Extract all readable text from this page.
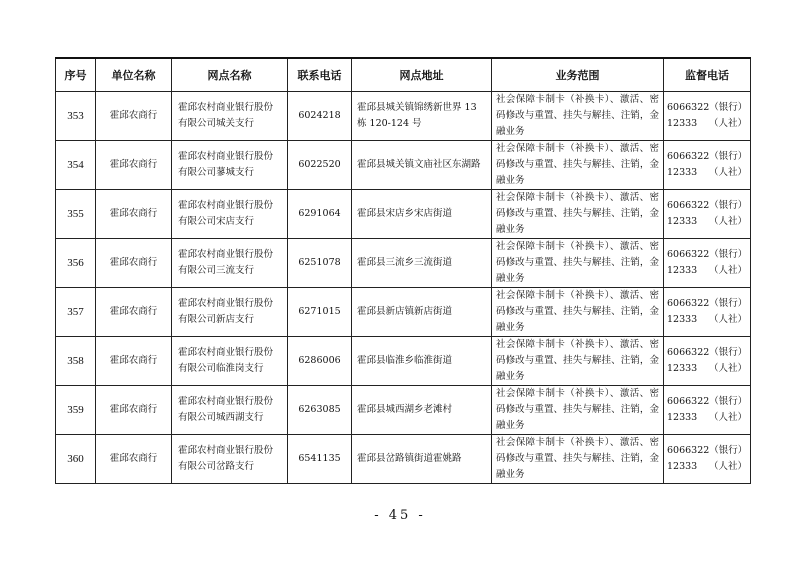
序号	单位名称	网点名称	联系电话	网点地址	业务范围	监督电话
353	霍邱农商行	霍邱农村商业银行股份有限公司城关支行	6024218	霍邱县城关镇锦绣新世界 13 栋 120-124 号	社会保障卡制卡（补换卡）、激活、密码修改与重置、挂失与解挂、注销，金融业务	6066322（银行）
12333 （人社）

354	霍邱农商行	霍邱农村商业银行股份有限公司蓼城支行	6022520	霍邱县城关镇文庙社区东湖路	社会保障卡制卡（补换卡）、激活、密码修改与重置、挂失与解挂、注销，金融业务	6066322（银行）
12333 （人社）

355	霍邱农商行	霍邱农村商业银行股份有限公司宋店支行	6291064	霍邱县宋店乡宋店街道	社会保障卡制卡（补换卡）、激活、密码修改与重置、挂失与解挂、注销，金融业务	6066322（银行）
12333 （人社）

356	霍邱农商行	霍邱农村商业银行股份有限公司三流支行	6251078	霍邱县三流乡三流街道	社会保障卡制卡（补换卡）、激活、密码修改与重置、挂失与解挂、注销，金融业务	6066322（银行）
12333 （人社）

357	霍邱农商行	霍邱农村商业银行股份有限公司新店支行	6271015	霍邱县新店镇新店街道	社会保障卡制卡（补换卡）、激活、密码修改与重置、挂失与解挂、注销，金融业务	6066322（银行）
12333 （人社）

358	霍邱农商行	霍邱农村商业银行股份有限公司临淮岗支行	6286006	霍邱县临淮乡临淮街道	社会保障卡制卡（补换卡）、激活、密码修改与重置、挂失与解挂、注销，金融业务	6066322（银行）
12333 （人社）

359	霍邱农商行	霍邱农村商业银行股份有限公司城西湖支行	6263085	霍邱县城西湖乡老滩村	社会保障卡制卡（补换卡）、激活、密码修改与重置、挂失与解挂、注销，金融业务	6066322（银行）
12333 （人社）

360	霍邱农商行	霍邱农村商业银行股份有限公司岔路支行	6541135	霍邱县岔路镇街道霍姚路	社会保障卡制卡（补换卡）、激活、密码修改与重置、挂失与解挂、注销，金融业务	6066322（银行）
12333 （人社）
- 45 -
